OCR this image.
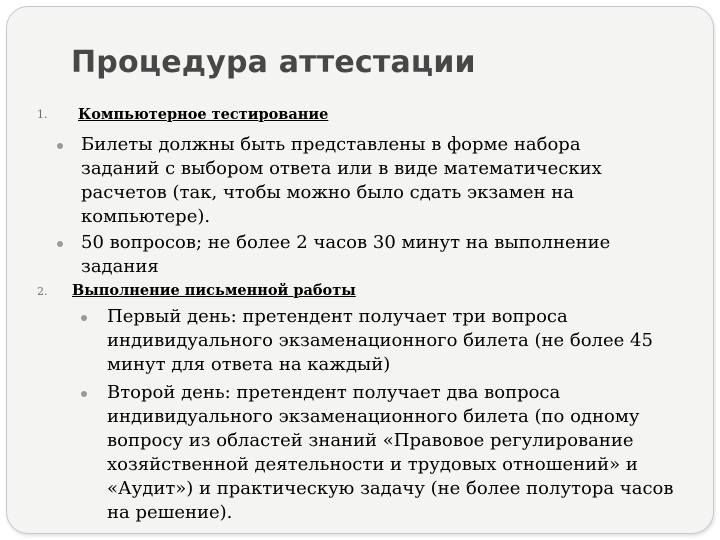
Процедура аттестации
1. Компьютерное тестирование
Билеты должны быть представлены в форме набора заданий с выбором ответа или в виде математических расчетов (так, чтобы можно было сдать экзамен на компьютере).
50 вопросов; не более 2 часов 30 минут на выполнение задания
2. Выполнение письменной работы
Первый день: претендент получает три вопроса индивидуального экзаменационного билета (не более 45 минут для ответа на каждый)
Второй день: претендент получает два вопроса индивидуального экзаменационного билета (по одному вопросу из областей знаний «Правовое регулирование хозяйственной деятельности и трудовых отношений» и «Аудит») и практическую задачу (не более полутора часов на решение).
